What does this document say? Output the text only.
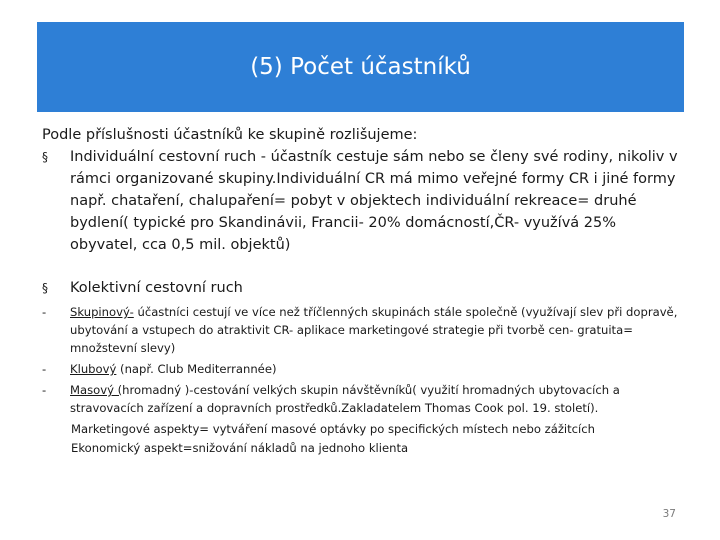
(5) Počet účastníků

Podle příslušnosti účastníků ke skupině rozlišujeme:

§	Individuální cestovní ruch - účastník cestuje sám nebo se členy své rodiny, nikoliv v rámci organizované skupiny.Individuální CR má mimo veřejné formy CR i jiné formy např. chataření, chalupaření= pobyt v objektech individuální rekreace= druhé bydlení( typické pro Skandinávii, Francii- 20% domácností,ČR- využívá 25% obyvatel, cca 0,5 mil. objektů)
§	Kolektivní cestovní ruch
-	Skupinový- účastníci cestují ve více než tříčlenných skupinách stále společně (využívají slev při dopravě, ubytování a vstupech do atraktivit CR- aplikace marketingové strategie při tvorbě cen- gratuita= množstevní slevy)
-	Klubový (např. Club Mediterrannée)
-	Masový (hromadný )-cestování velkých skupin návštěvníků( využití hromadných ubytovacích a stravovacích zařízení a dopravních prostředků.Zakladatelem Thomas Cook pol. 19. století).
Marketingové aspekty= vytváření masové optávky po specifických místech nebo zážitcích
Ekonomický aspekt=snižování nákladů na jednoho klienta
37
